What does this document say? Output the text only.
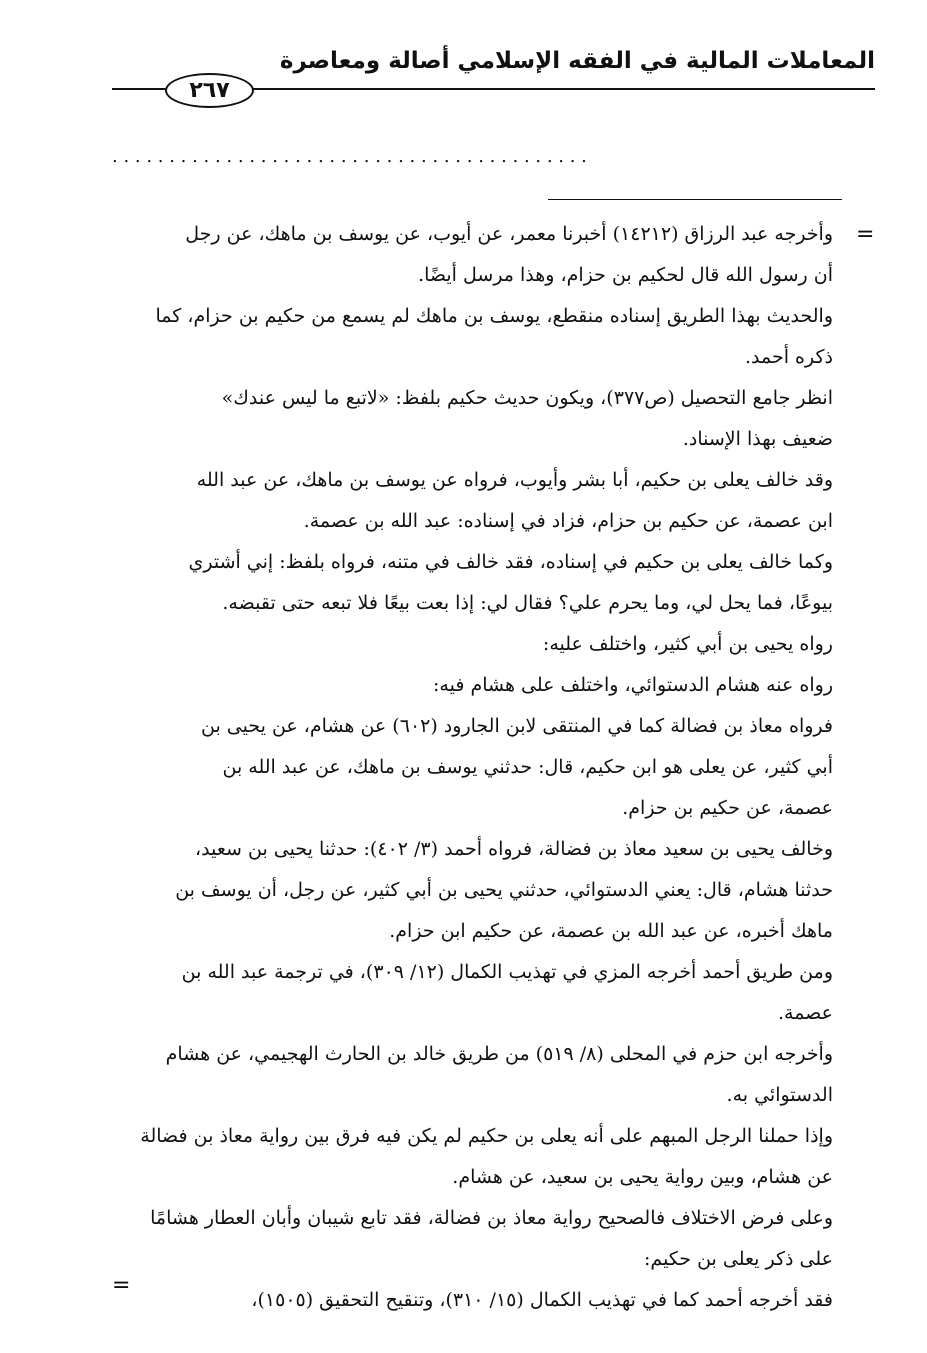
المعاملات المالية في الفقه الإسلامي أصالة ومعاصرة
٢٦٧
. . . . . . . . . . . . . . . . . . . . . . . . . . . . . . . . . . . . . . . . . .
=
وأخرجه عبد الرزاق (١٤٢١٢) أخبرنا معمر، عن أيوب، عن يوسف بن ماهك، عن رجل
أن رسول الله قال لحكيم بن حزام، وهذا مرسل أيضًا.
والحديث بهذا الطريق إسناده منقطع، يوسف بن ماهك لم يسمع من حكيم بن حزام، كما
ذكره أحمد.
انظر جامع التحصيل (ص٣٧٧)، ويكون حديث حكيم بلفظ: «لاتبع ما ليس عندك»
ضعيف بهذا الإسناد.
وقد خالف يعلى بن حكيم، أبا بشر وأيوب، فرواه عن يوسف بن ماهك، عن عبد الله
ابن عصمة، عن حكيم بن حزام، فزاد في إسناده: عبد الله بن عصمة.
وكما خالف يعلى بن حكيم في إسناده، فقد خالف في متنه، فرواه بلفظ: إني أشتري
بيوعًا، فما يحل لي، وما يحرم علي؟ فقال لي: إذا بعت بيعًا فلا تبعه حتى تقبضه.
رواه يحيى بن أبي كثير، واختلف عليه:
رواه عنه هشام الدستوائي، واختلف على هشام فيه:
فرواه معاذ بن فضالة كما في المنتقى لابن الجارود (٦٠٢) عن هشام، عن يحيى بن
أبي كثير، عن يعلى هو ابن حكيم، قال: حدثني يوسف بن ماهك، عن عبد الله بن
عصمة، عن حكيم بن حزام.
وخالف يحيى بن سعيد معاذ بن فضالة، فرواه أحمد (٣/ ٤٠٢): حدثنا يحيى بن سعيد،
حدثنا هشام، قال: يعني الدستوائي، حدثني يحيى بن أبي كثير، عن رجل، أن يوسف بن
ماهك أخبره، عن عبد الله بن عصمة، عن حكيم ابن حزام.
ومن طريق أحمد أخرجه المزي في تهذيب الكمال (١٢/ ٣٠٩)، في ترجمة عبد الله بن
عصمة.
وأخرجه ابن حزم في المحلى (٨/ ٥١٩) من طريق خالد بن الحارث الهجيمي، عن هشام
الدستوائي به.
وإذا حملنا الرجل المبهم على أنه يعلى بن حكيم لم يكن فيه فرق بين رواية معاذ بن فضالة
عن هشام، وبين رواية يحيى بن سعيد، عن هشام.
وعلى فرض الاختلاف فالصحيح رواية معاذ بن فضالة، فقد تابع شيبان وأبان العطار هشامًا
على ذكر يعلى بن حكيم:
فقد أخرجه أحمد كما في تهذيب الكمال (١٥/ ٣١٠)، وتنقيح التحقيق (١٥٠٥)،
=
